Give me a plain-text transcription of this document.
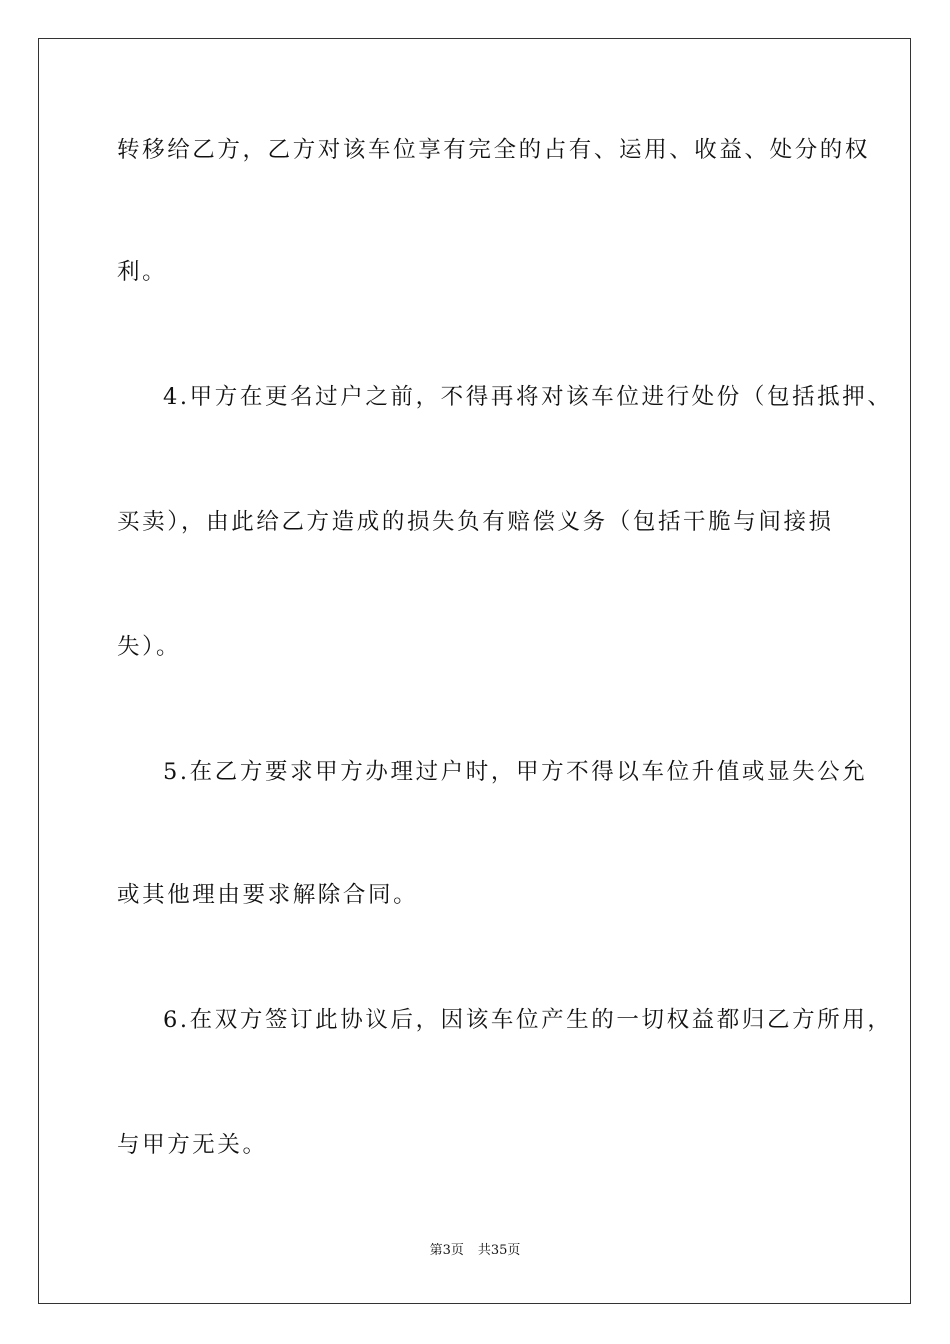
转移给乙方，乙方对该车位享有完全的占有、运用、收益、处分的权
利。
4.甲方在更名过户之前，不得再将对该车位进行处份（包括抵押、
买卖），由此给乙方造成的损失负有赔偿义务（包括干脆与间接损
失）。
5.在乙方要求甲方办理过户时，甲方不得以车位升值或显失公允
或其他理由要求解除合同。
6.在双方签订此协议后，因该车位产生的一切权益都归乙方所用，
与甲方无关。
第3页 共35页
